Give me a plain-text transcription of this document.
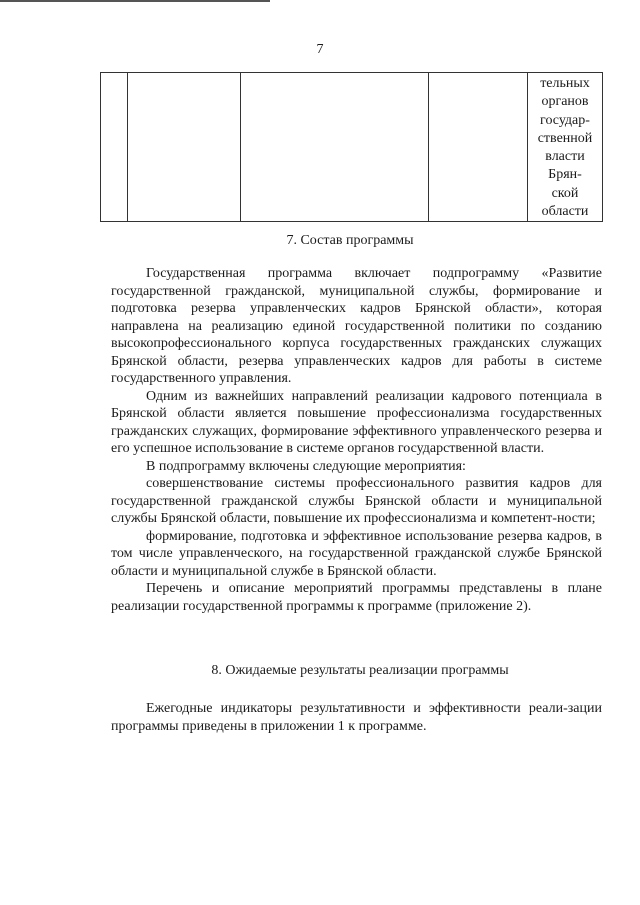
7

тельных
органов
государ-
ственной
власти
Брян-
ской
области
7. Состав программы

Государственная программа включает подпрограмму «Развитие государственной гражданской, муниципальной службы, формирование и подготовка резерва управленческих кадров Брянской области», которая направлена на реализацию единой государственной политики по созданию высокопрофессионального корпуса государственных гражданских служащих Брянской области, резерва управленческих кадров для работы в системе государственного управления.

Одним из важнейших направлений реализации кадрового потенциала в Брянской области является повышение профессионализма государственных гражданских служащих, формирование эффективного управленческого резерва и его успешное использование в системе органов государственной власти.

В подпрограмму включены следующие мероприятия:

совершенствование системы профессионального развития кадров для государственной гражданской службы Брянской области и муниципальной службы Брянской области, повышение их профессионализма и компетент-ности;

формирование, подготовка и эффективное использование резерва кадров, в том числе управленческого, на государственной гражданской службе Брянской области и муниципальной службе в Брянской области.

Перечень и описание мероприятий программы представлены в плане реализации государственной программы к программе (приложение 2).

8. Ожидаемые результаты реализации программы

Ежегодные индикаторы результативности и эффективности реали-зации программы приведены в приложении 1 к программе.
